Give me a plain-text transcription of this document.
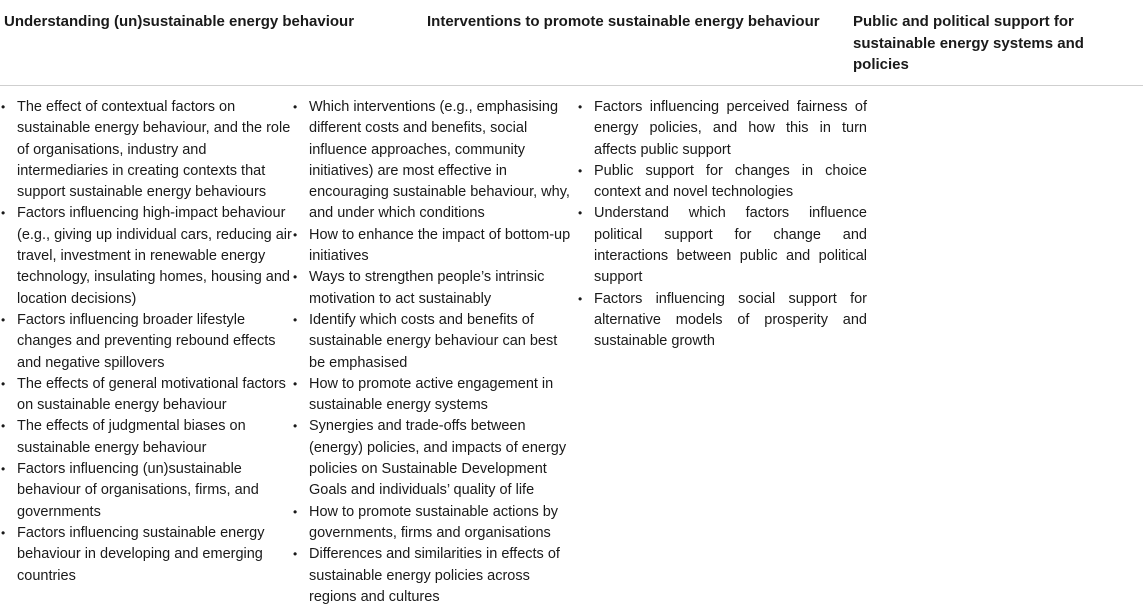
Understanding (un)sustainable energy behaviour	Interventions to promote sustainable energy behaviour	Public and political support for sustainable energy systems and policies
• The effect of contextual factors on sustainable energy behaviour, and the role of organisations, industry and intermediaries in creating contexts that support sustainable energy behaviours
• Factors influencing high-impact behaviour (e.g., giving up individual cars, reducing air travel, investment in renewable energy technology, insulating homes, housing and location decisions)
• Factors influencing broader lifestyle changes and preventing rebound effects and negative spillovers
• The effects of general motivational factors on sustainable energy behaviour
• The effects of judgmental biases on sustainable energy behaviour
• Factors influencing (un)sustainable behaviour of organisations, firms, and governments
• Factors influencing sustainable energy behaviour in developing and emerging countries
• Which interventions (e.g., emphasising different costs and benefits, social influence approaches, community initiatives) are most effective in encouraging sustainable behaviour, why, and under which conditions
• How to enhance the impact of bottom-up initiatives
• Ways to strengthen people’s intrinsic motivation to act sustainably
• Identify which costs and benefits of sustainable energy behaviour can best be emphasised
• How to promote active engagement in sustainable energy systems
• Synergies and trade-offs between (energy) policies, and impacts of energy policies on Sustainable Development Goals and individuals’ quality of life
• How to promote sustainable actions by governments, firms and organisations
• Differences and similarities in effects of sustainable energy policies across regions and cultures
• Factors influencing perceived fairness of energy policies, and how this in turn affects public support
• Public support for changes in choice context and novel technologies
• Understand which factors influence political support for change and interactions between public and political support
• Factors influencing social support for alternative models of prosperity and sustainable growth
